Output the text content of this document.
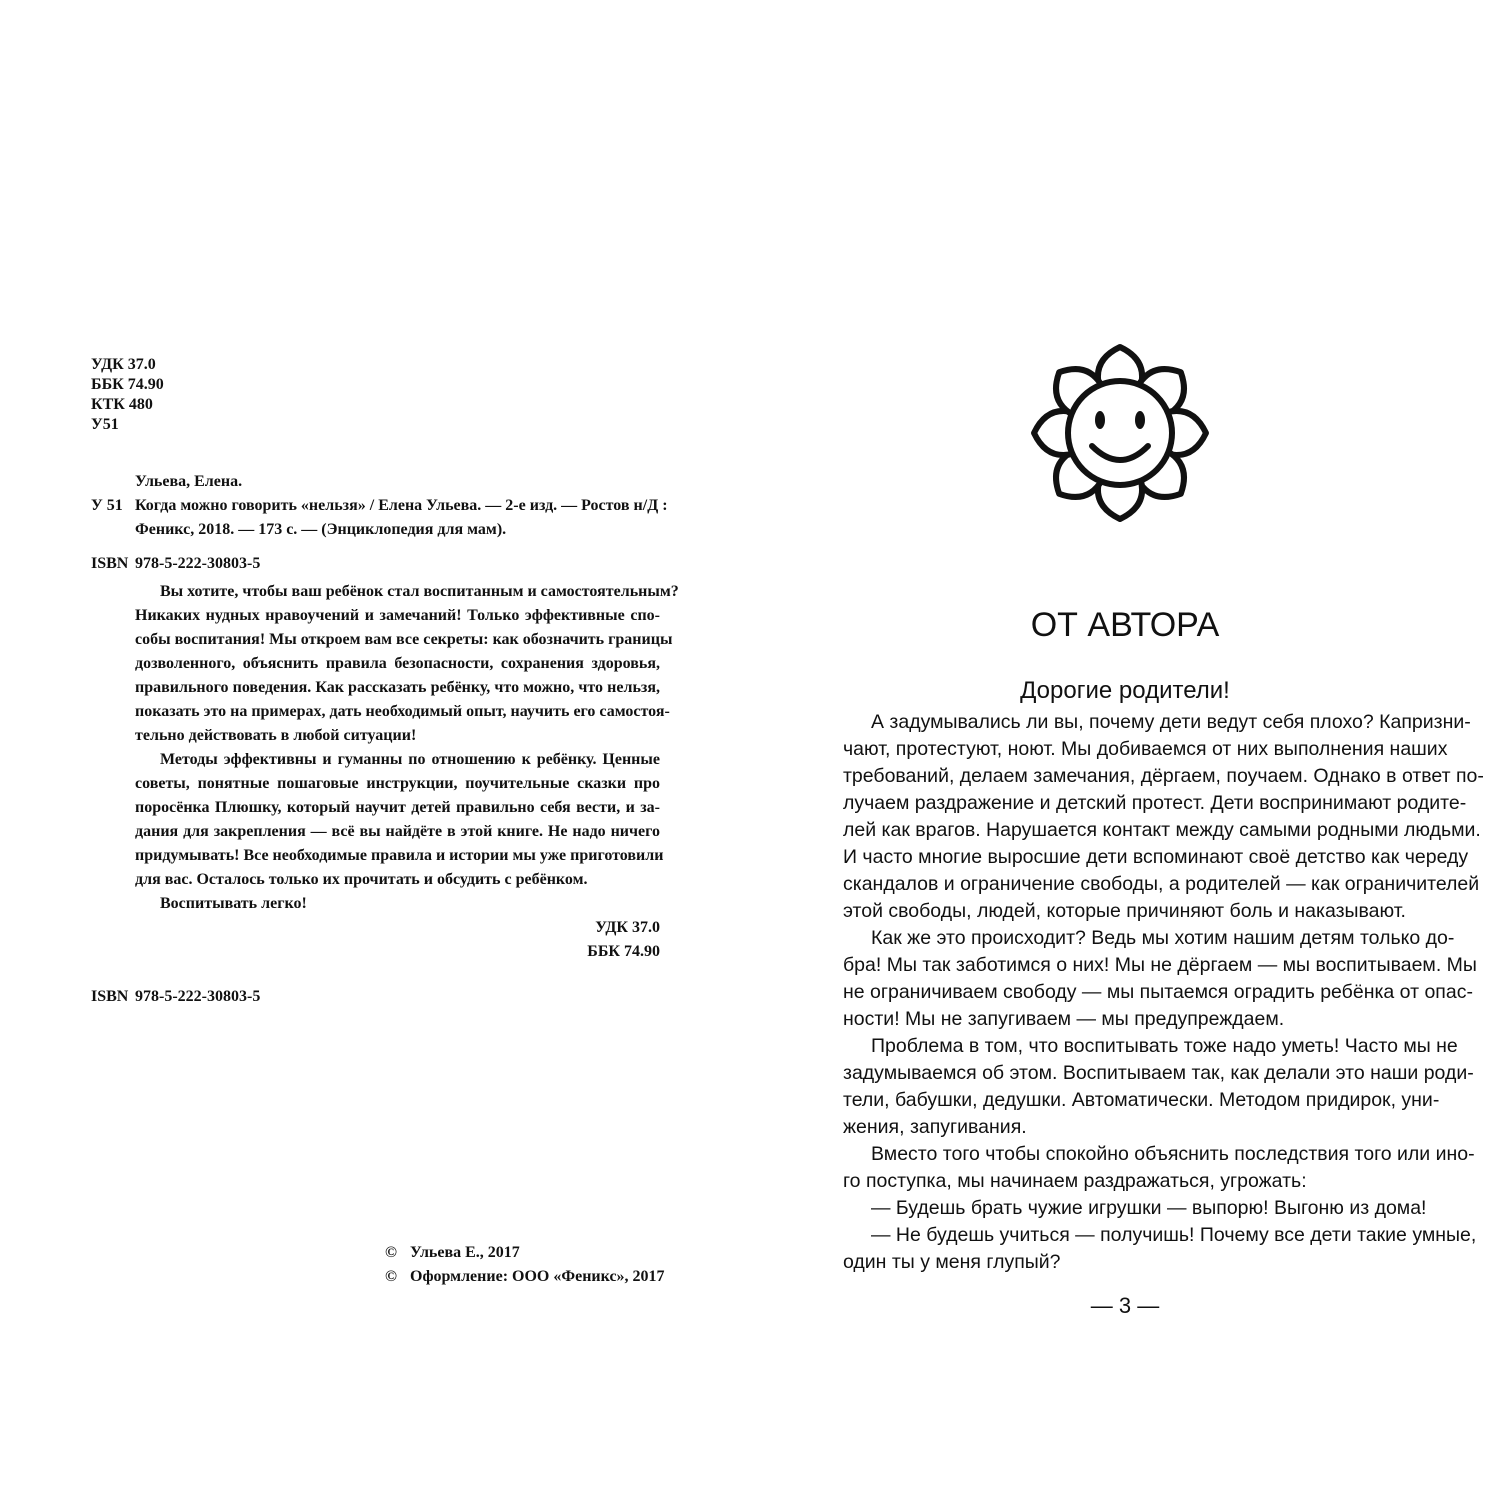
УДК 37.0
ББК 74.90
КТК 480
У51
Ульева, Елена.
У 51 Когда можно говорить «нельзя» / Елена Ульева. — 2-е изд. — Ростов н/Д :
Феникс, 2018. — 173 с. — (Энциклопедия для мам).
ISBN 978-5-222-30803-5
Вы хотите, чтобы ваш ребёнок стал воспитанным и самостоятельным?
Никаких нудных нравоучений и замечаний! Только эффективные спо-
собы воспитания! Мы откроем вам все секреты: как обозначить границы
дозволенного, объяснить правила безопасности, сохранения здоровья,
правильного поведения. Как рассказать ребёнку, что можно, что нельзя,
показать это на примерах, дать необходимый опыт, научить его самостоя-
тельно действовать в любой ситуации!
Методы эффективны и гуманны по отношению к ребёнку. Ценные
советы, понятные пошаговые инструкции, поучительные сказки про
поросёнка Плюшку, который научит детей правильно себя вести, и за-
дания для закрепления — всё вы найдёте в этой книге. Не надо ничего
придумывать! Все необходимые правила и истории мы уже приготовили
для вас. Осталось только их прочитать и обсудить с ребёнком.
Воспитывать легко!
УДК 37.0
ББК 74.90
ISBN 978-5-222-30803-5
© Ульева Е., 2017
© Оформление: ООО «Феникс», 2017
ОТ АВТОРА
Дорогие родители!
А задумывались ли вы, почему дети ведут себя плохо? Капризни-
чают, протестуют, ноют. Мы добиваемся от них выполнения наших
требований, делаем замечания, дёргаем, поучаем. Однако в ответ по-
лучаем раздражение и детский протест. Дети воспринимают родите-
лей как врагов. Нарушается контакт между самыми родными людьми.
И часто многие выросшие дети вспоминают своё детство как череду
скандалов и ограничение свободы, а родителей — как ограничителей
этой свободы, людей, которые причиняют боль и наказывают.
Как же это происходит? Ведь мы хотим нашим детям только до-
бра! Мы так заботимся о них! Мы не дёргаем — мы воспитываем. Мы
не ограничиваем свободу — мы пытаемся оградить ребёнка от опас-
ности! Мы не запугиваем — мы предупреждаем.
Проблема в том, что воспитывать тоже надо уметь! Часто мы не
задумываемся об этом. Воспитываем так, как делали это наши роди-
тели, бабушки, дедушки. Автоматически. Методом придирок, уни-
жения, запугивания.
Вместо того чтобы спокойно объяснить последствия того или ино-
го поступка, мы начинаем раздражаться, угрожать:
— Будешь брать чужие игрушки — выпорю! Выгоню из дома!
— Не будешь учиться — получишь! Почему все дети такие умные,
один ты у меня глупый?
— 3 —
